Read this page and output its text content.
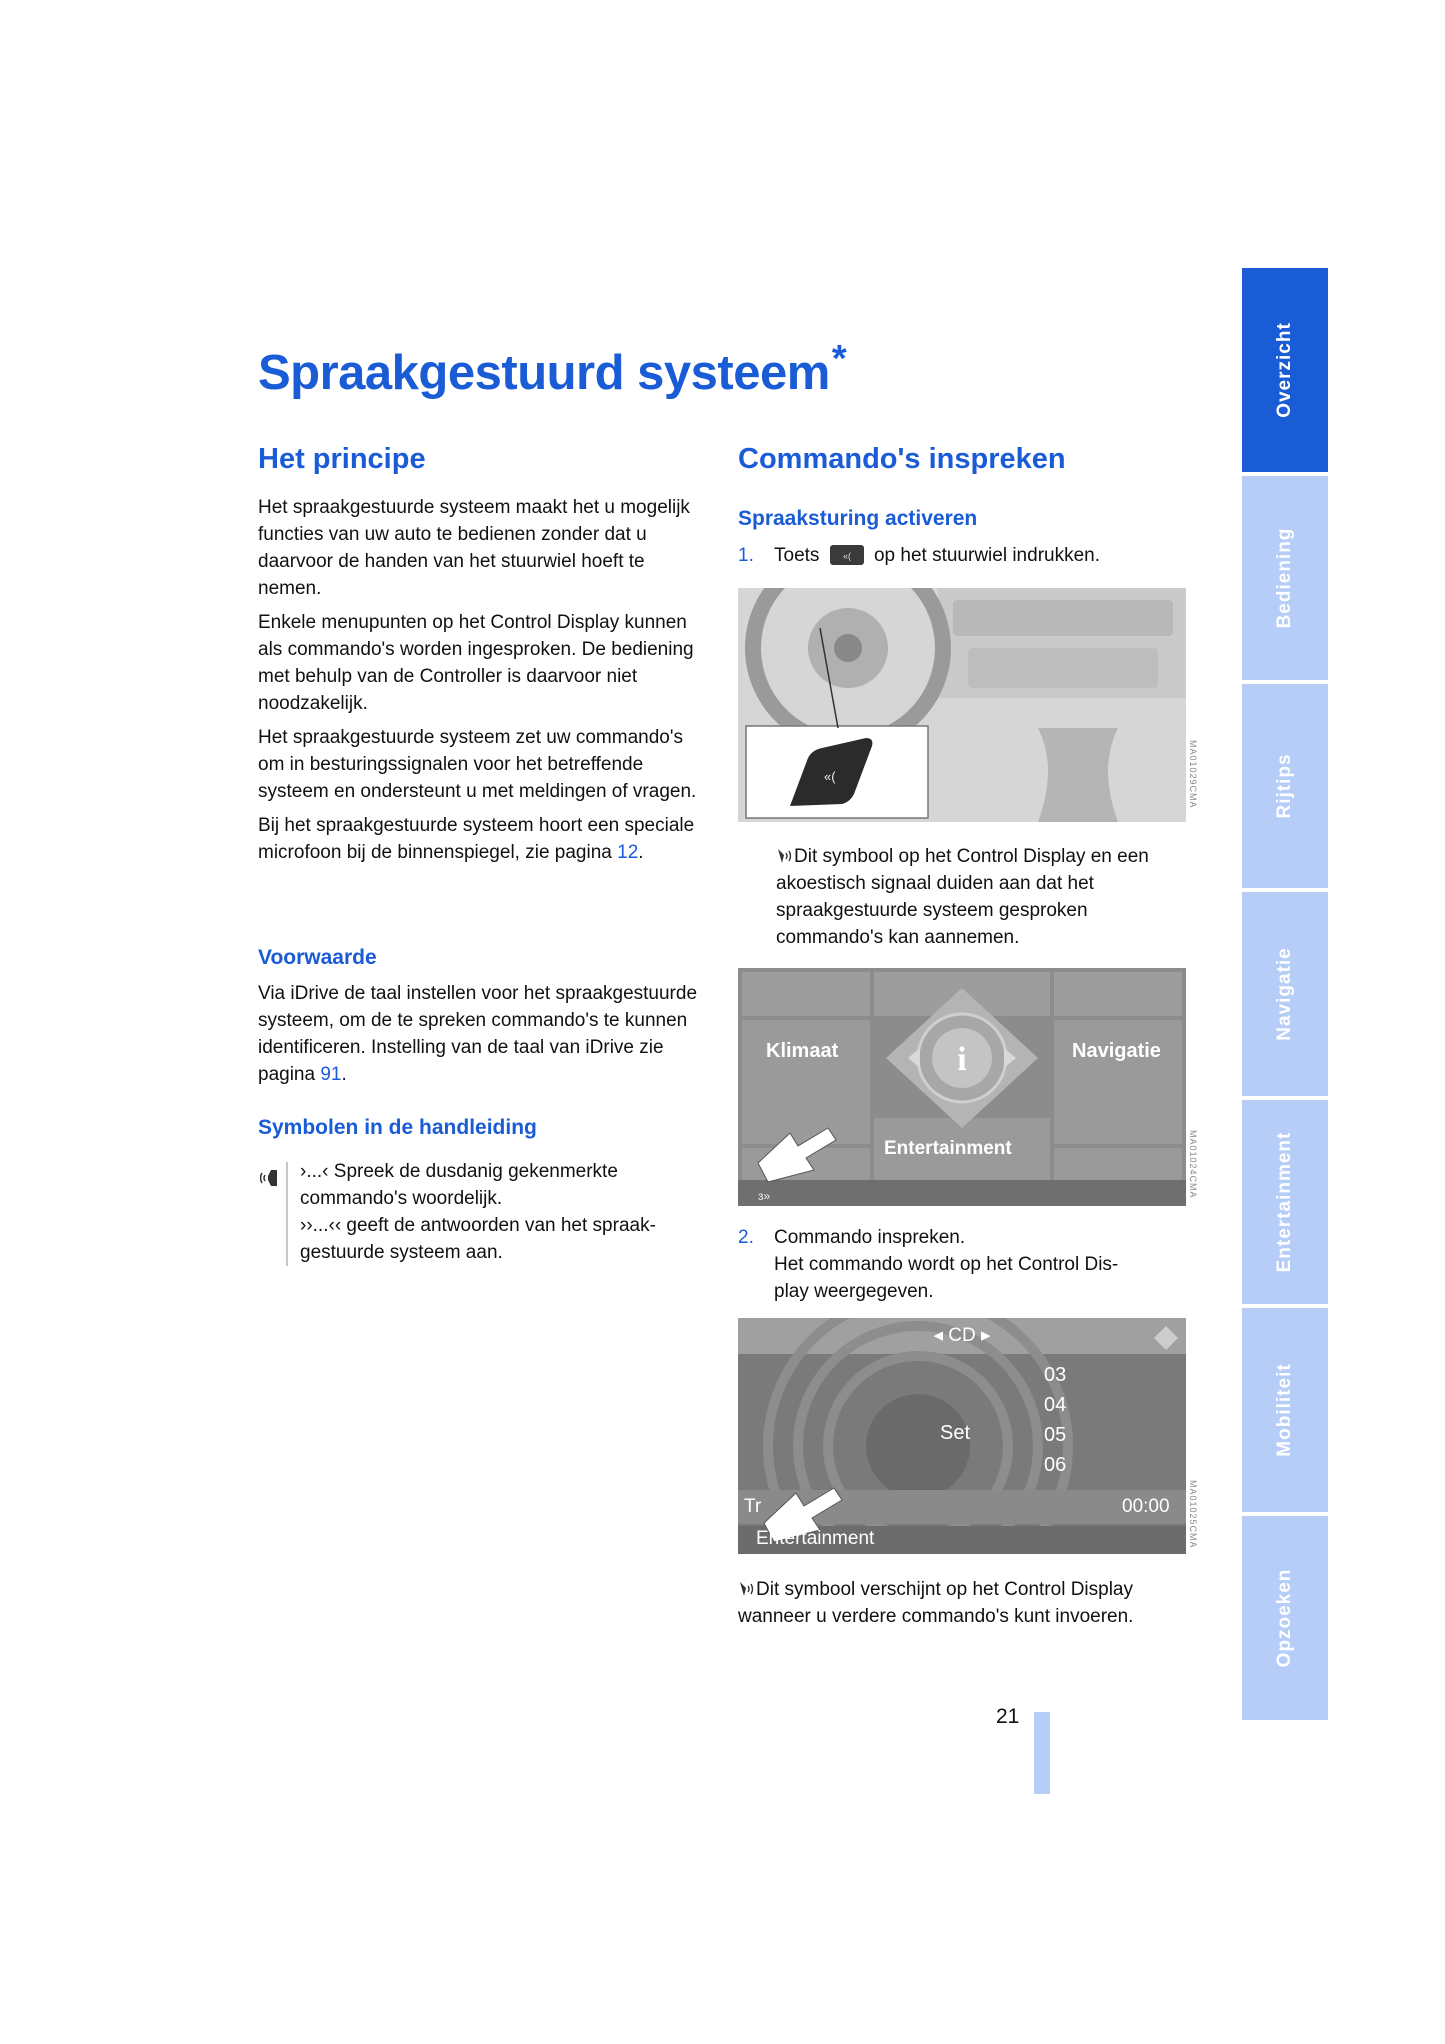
Spraakgestuurd systeem*
Het principe

Het spraakgestuurde systeem maakt het u mogelijk functies van uw auto te bedienen zonder dat u daarvoor de handen van het stuurwiel hoeft te nemen.

Enkele menupunten op het Control Display kunnen als commando's worden ingesproken. De bediening met behulp van de Controller is daarvoor niet noodzakelijk.

Het spraakgestuurde systeem zet uw commando's om in besturingssignalen voor het betreffende systeem en ondersteunt u met meldingen of vragen.

Bij het spraakgestuurde systeem hoort een speciale microfoon bij de binnenspiegel, zie pagina 12.

Voorwaarde

Via iDrive de taal instellen voor het spraakgestuurde systeem, om de te spreken commando's te kunnen identificeren. Instelling van de taal van iDrive zie pagina 91.

Symbolen in de handleiding
›...‹ Spreek de dusdanig gekenmerkte
commando's woordelijk.
››...‹‹ geeft de antwoorden van het spraak-
gestuurde systeem aan.
Commando's inspreken
Spraaksturing activeren
1. Toets	«( op het stuurwiel indrukken.
«(	MA01029CMA
Dit symbool op het Control Display en een akoestisch signaal duiden aan dat het spraakgestuurde systeem gesproken commando's kan aannemen.
i
ɜ»
Klimaat	Navigatie
Entertainment	MA01024CMA
2. Commando inspreken.
Het commando wordt op het Control Dis-
play weergegeven.
◂ CD ▸
03
04
05
06
Set
Tr	00:00
Entertainment	MA01025CMA
Dit symbool verschijnt op het Control Display wanneer u verdere commando's kunt invoeren.
Overzicht
Bediening
Rijtips
Navigatie
Entertainment
Mobiliteit
Opzoeken
21
